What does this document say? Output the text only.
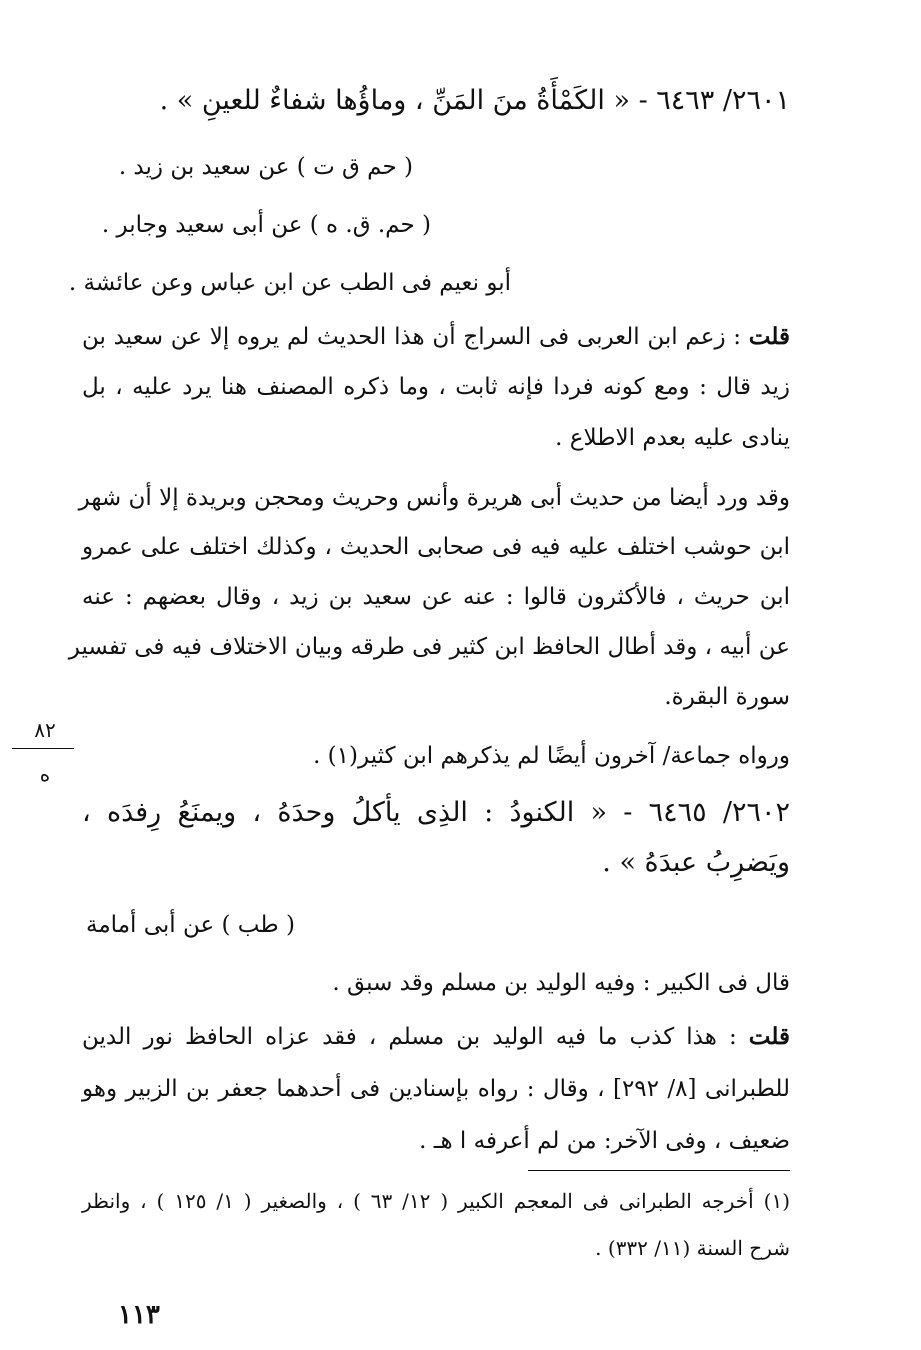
٢٦٠١/ ٦٤٦٣ - « الكَمْأَةُ منَ المَنِّ ، وماؤُها شفاءٌ للعينِ » .
( حم ق ت ) عن سعيد بن زيد .
( حم. ق. ه ) عن أبى سعيد وجابر .
أبو نعيم فى الطب عن ابن عباس وعن عائشة .
قلت : زعم ابن العربى فى السراج أن هذا الحديث لم يروه إلا عن سعيد بن
زيد قال : ومع كونه فردا فإنه ثابت ، وما ذكره المصنف هنا يرد عليه ، بل
ينادى عليه بعدم الاطلاع .
وقد ورد أيضا من حديث أبى هريرة وأنس وحريث ومحجن وبريدة إلا أن شهر
ابن حوشب اختلف عليه فيه فى صحابى الحديث ، وكذلك اختلف على عمرو
ابن حريث ، فالأكثرون قالوا : عنه عن سعيد بن زيد ، وقال بعضهم : عنه
عن أبيه ، وقد أطال الحافظ ابن كثير فى طرقه وبيان الاختلاف فيه فى تفسير
سورة البقرة.
ورواه جماعة/ آخرون أيضًا لم يذكرهم ابن كثير(١) .
٨٢
ه
٢٦٠٢/ ٦٤٦٥ - « الكنودُ : الذِى يأكلُ وحدَهُ ، ويمنَعُ رِفدَه ،
ويَضرِبُ عبدَهُ » .
( طب ) عن أبى أمامة
قال فى الكبير : وفيه الوليد بن مسلم وقد سبق .
قلت : هذا كذب ما فيه الوليد بن مسلم ، فقد عزاه الحافظ نور الدين
للطبرانى [٨/ ٢٩٢] ، وقال : رواه بإسنادين فى أحدهما جعفر بن الزبير وهو
ضعيف ، وفى الآخر: من لم أعرفه ا هـ .
(١) أخرجه الطبرانى فى المعجم الكبير ( ١٢/ ٦٣ ) ، والصغير ( ١/ ١٢٥ ) ، وانظر
شرح السنة (١١/ ٣٣٢) .
١١٣
